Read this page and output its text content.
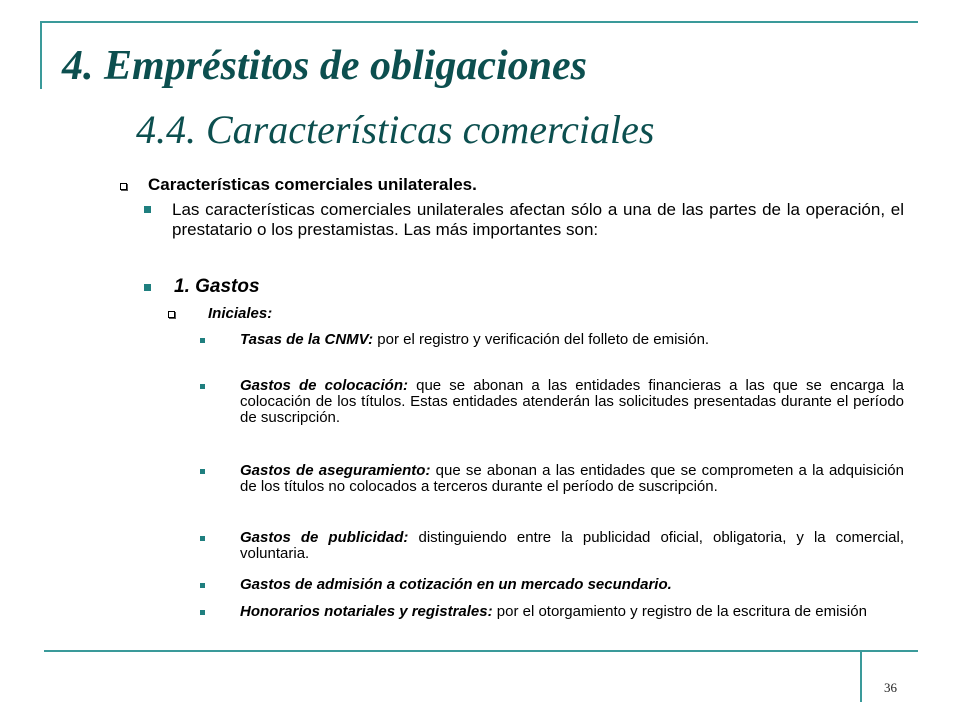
4. Empréstitos de obligaciones
4.4. Características comerciales
Características comerciales unilaterales.
Las características comerciales unilaterales afectan sólo a una de las partes de la operación, el prestatario o los prestamistas. Las más importantes son:
1. Gastos
Iniciales:
Tasas de la CNMV: por el registro y verificación del folleto de emisión.
Gastos de colocación: que se abonan a las entidades financieras a las que se encarga la colocación de los títulos. Estas entidades atenderán las solicitudes presentadas durante el período de suscripción.
Gastos de aseguramiento: que se abonan a las entidades que se comprometen a la adquisición de los títulos no colocados a terceros durante el período de suscripción.
Gastos de publicidad: distinguiendo entre la publicidad oficial, obligatoria, y la comercial, voluntaria.
Gastos de admisión a cotización en un mercado secundario.
Honorarios notariales y registrales: por el otorgamiento y registro de la escritura de emisión
36
